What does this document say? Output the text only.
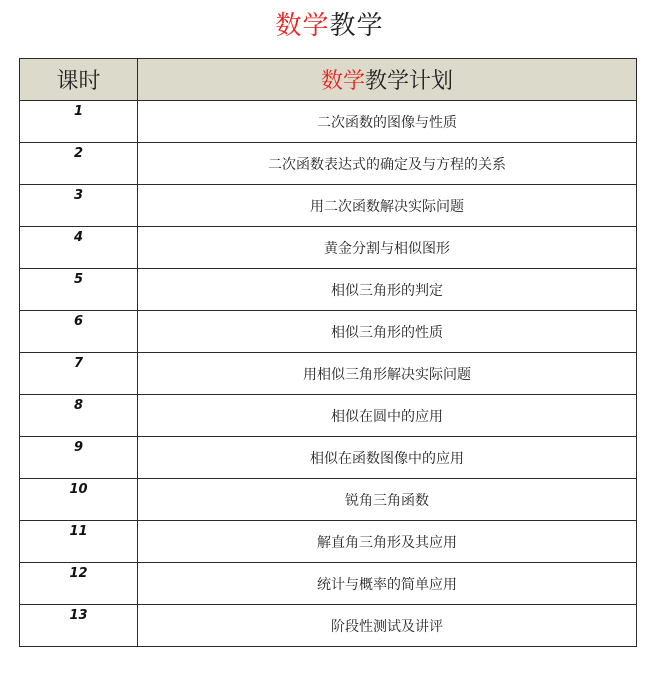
数学教学
课时	数学教学计划

1	二次函数的图像与性质

2	二次函数表达式的确定及与方程的关系

3	用二次函数解决实际问题

4	黄金分割与相似图形

5	相似三角形的判定

6	相似三角形的性质

7	用相似三角形解决实际问题

8	相似在圆中的应用

9	相似在函数图像中的应用

10	锐角三角函数

11	解直角三角形及其应用

12	统计与概率的简单应用

13	阶段性测试及讲评
